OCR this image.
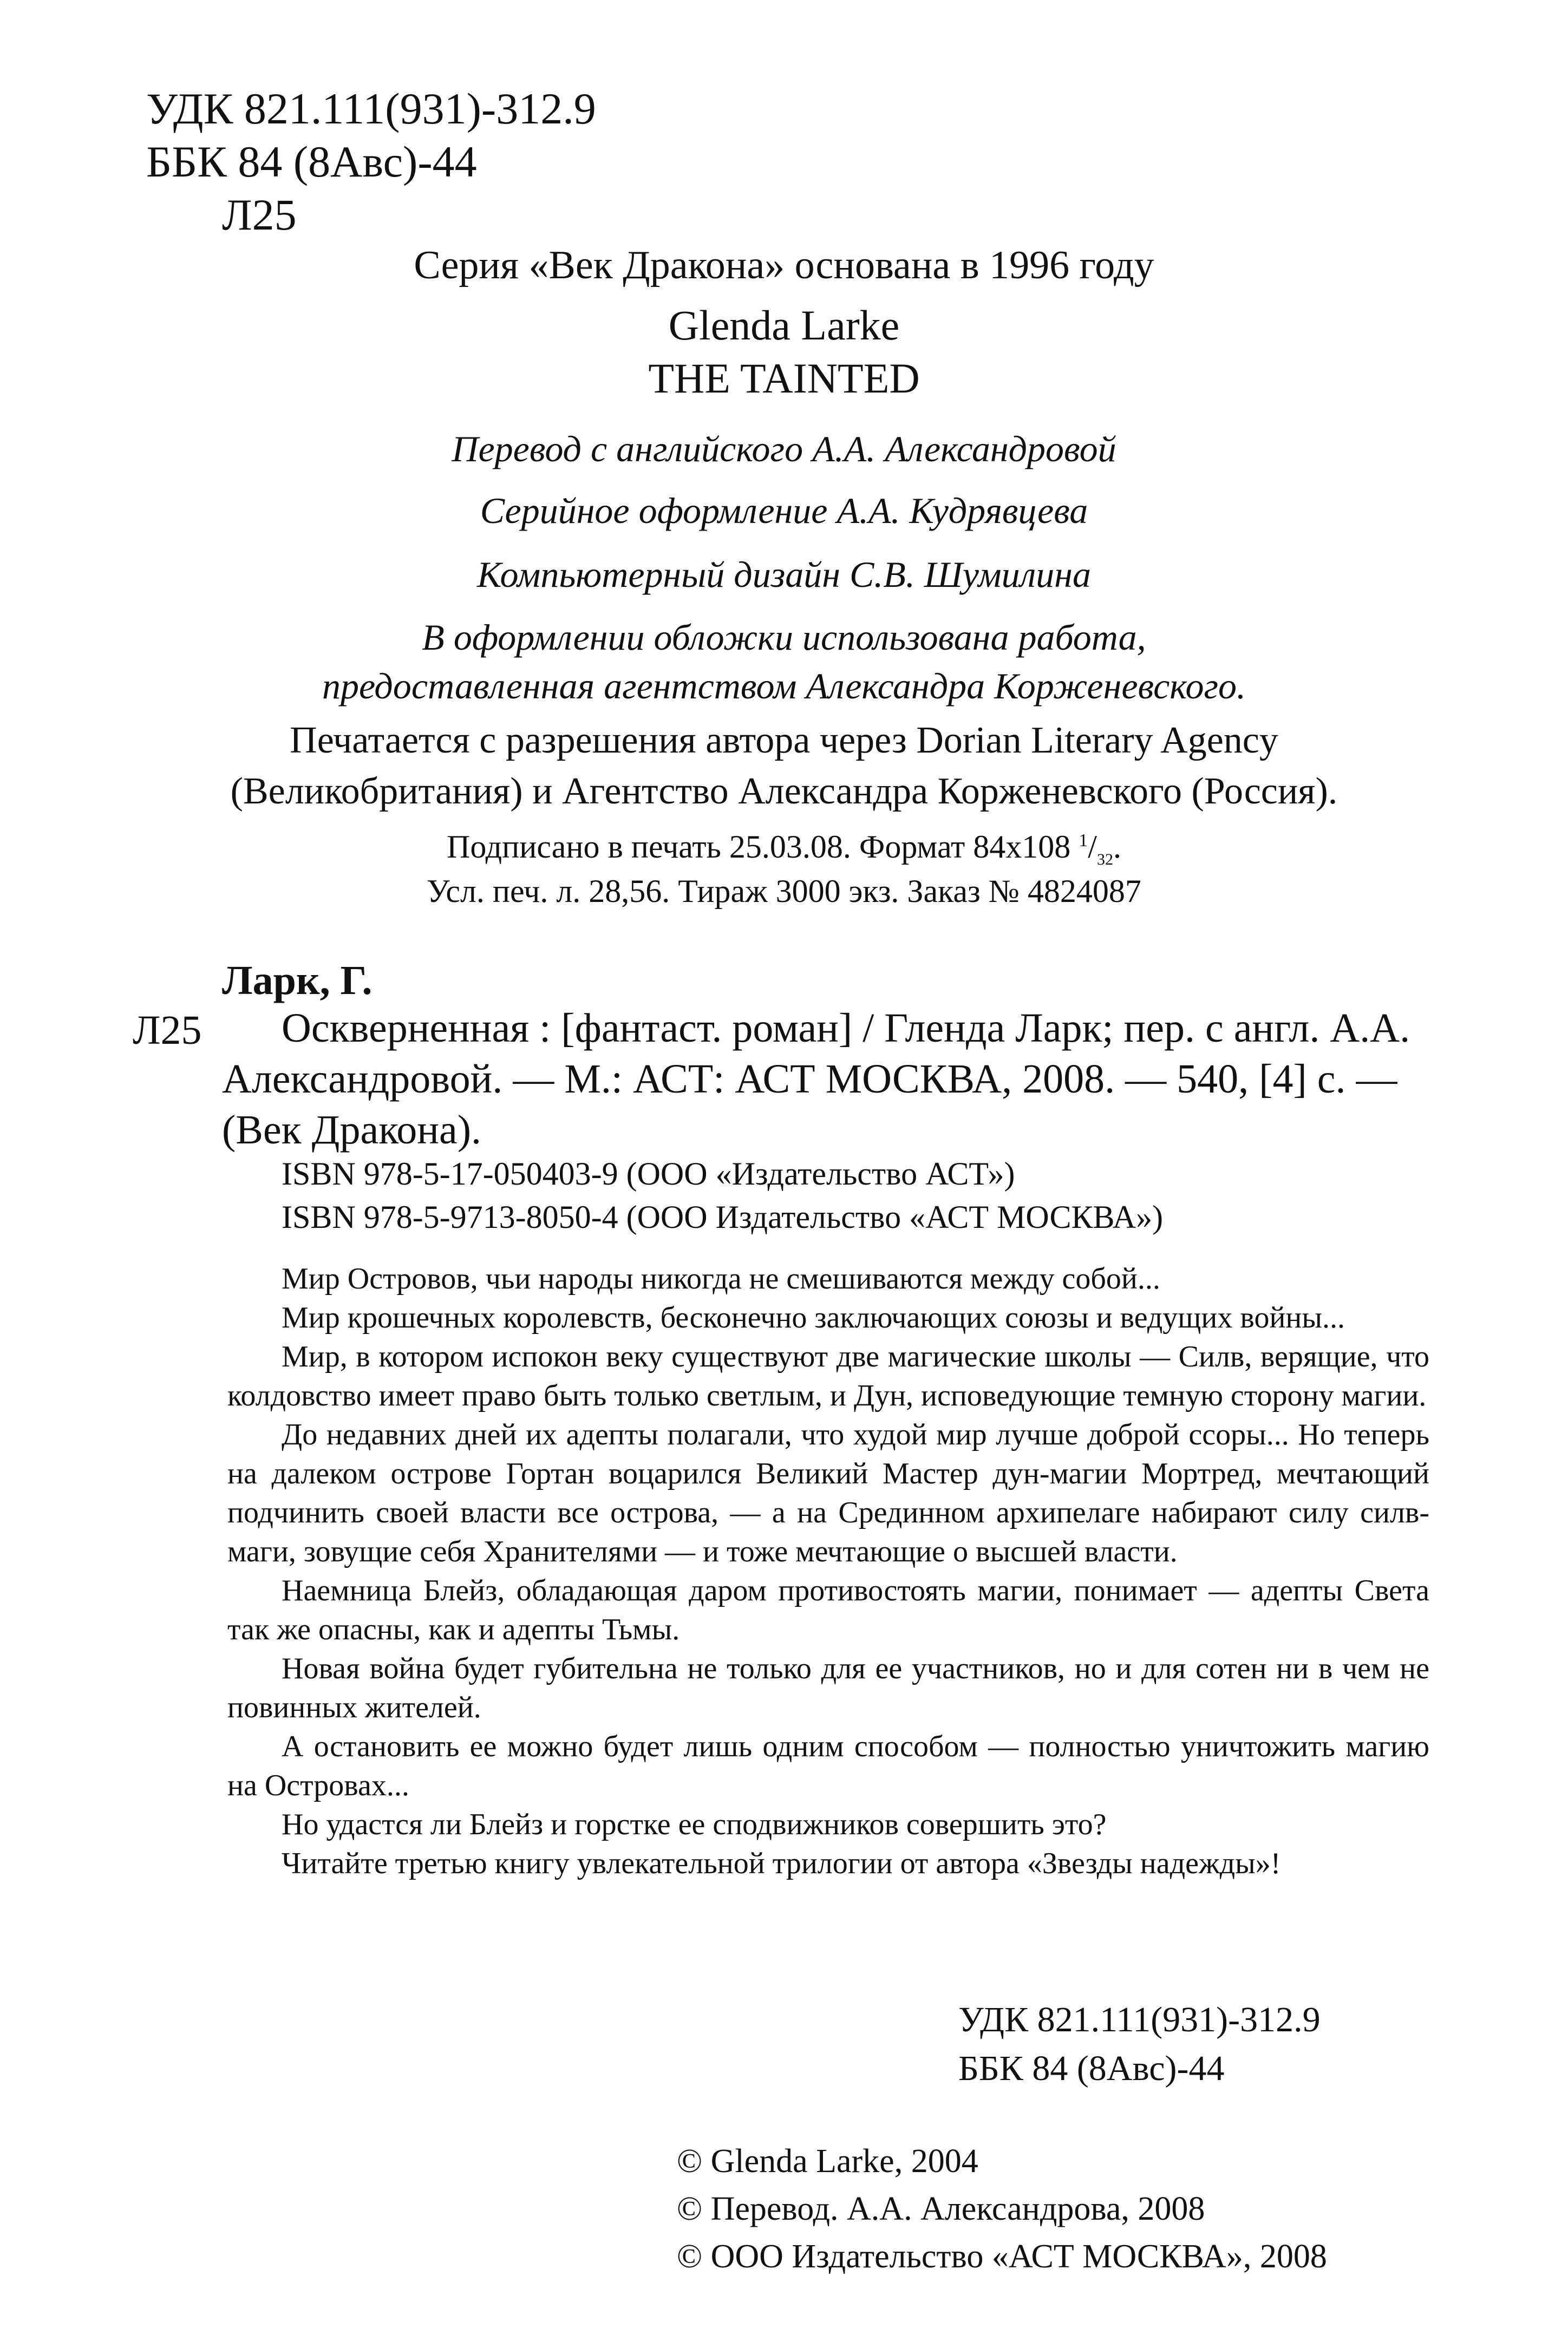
УДК 821.111(931)-312.9
ББК 84 (8Авс)-44
Л25
Серия «Век Дракона» основана в 1996 году
Glenda Larke
THE TAINTED
Перевод с английского А.А. Александровой
Серийное оформление А.А. Кудрявцева
Компьютерный дизайн С.В. Шумилина
В оформлении обложки использована работа,
предоставленная агентством Александра Корженевского.
Печатается с разрешения автора через Dorian Literary Agency
(Великобритания) и Агентство Александра Корженевского (Россия).
Подписано в печать 25.03.08. Формат 84х108 $^1/_{32}$.
Усл. печ. л. 28,56. Тираж 3000 экз. Заказ № 4824087
Ларк, Г.
Л25	Оскверненная : [фантаст. роман] / Гленда Ларк; пер. с англ. А.А. Александровой. — М.: АСТ: АСТ МОСКВА, 2008. — 540, [4] с. — (Век Дракона).

ISBN 978-5-17-050403-9 (ООО «Издательство АСТ»)
ISBN 978-5-9713-8050-4 (ООО Издательство «АСТ МОСКВА»)

Мир Островов, чьи народы никогда не смешиваются между собой...

Мир крошечных королевств, бесконечно заключающих союзы и ведущих войны...

Мир, в котором испокон веку существуют две магические школы — Силв, верящие, что колдовство имеет право быть только светлым, и Дун, исповедующие темную сторону магии.

До недавних дней их адепты полагали, что худой мир лучше доброй ссоры... Но теперь на далеком острове Гортан воцарился Великий Мастер дун-магии Мортред, мечтающий подчинить своей власти все острова, — а на Срединном архипелаге набирают силу силв-маги, зовущие себя Хранителями — и тоже мечтающие о высшей власти.

Наемница Блейз, обладающая даром противостоять магии, понимает — адепты Света так же опасны, как и адепты Тьмы.

Новая война будет губительна не только для ее участников, но и для сотен ни в чем не повинных жителей.

А остановить ее можно будет лишь одним способом — полностью уничтожить магию на Островах...

Но удастся ли Блейз и горстке ее сподвижников совершить это?

Читайте третью книгу увлекательной трилогии от автора «Звезды надежды»!

УДК 821.111(931)-312.9
ББК 84 (8Авс)-44
© Glenda Larke, 2004
© Перевод. А.А. Александрова, 2008
© ООО Издательство «АСТ МОСКВА», 2008
